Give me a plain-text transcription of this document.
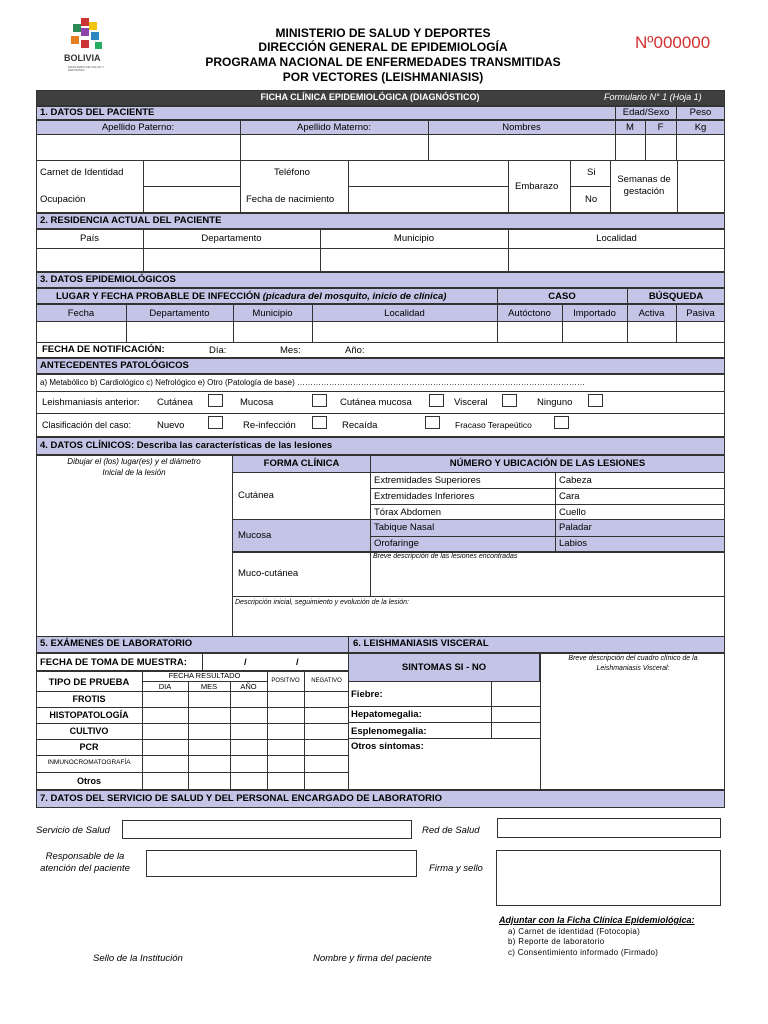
BOLIVIA
MINISTERIO DE SALUD Y DEPORTES
MINISTERIO DE SALUD Y DEPORTES
DIRECCIÓN GENERAL DE EPIDEMIOLOGÍA
PROGRAMA NACIONAL DE ENFERMEDADES TRANSMITIDAS
POR VECTORES (LEISHMANIASIS)
Nº000000
FICHA CLÍNICA EPIDEMIOLÓGICA (DIAGNÓSTICO)	Formulario N° 1 (Hoja 1)
1. DATOS DEL PACIENTE	Edad/Sexo	Peso
Apellido Paterno:	Apellido Materno:	Nombres	M	F	Kg
Carnet de Identidad	Teléfono
Ocupación	Fecha de nacimiento
Embarazo
Si
No
Semanas de
gestación
2. RESIDENCIA ACTUAL DEL PACIENTE
País	Departamento	Municipio	Localidad
3. DATOS EPIDEMIOLÓGICOS
LUGAR Y FECHA PROBABLE DE INFECCIÓN (picadura del mosquito, inicio de clínica)	CASO	BÚSQUEDA
Fecha	Departamento	Municipio	Localidad	Autóctono	Importado	Activa	Pasiva
FECHA DE NOTIFICACIÓN:	Día:	Mes:	Año:
ANTECEDENTES PATOLÓGICOS
a) Metabólico b) Cardiológico c) Nefrológico e) Otro (Patología de base) ………………………………………………………………………………………………
Leishmaniasis anterior: Cutánea	Mucosa	Cutánea mucosa	Visceral	Ninguno
Clasificación del caso:	Nuevo	Re-infección	Recaída	Fracaso Terapeútico
4. DATOS CLÍNICOS: Describa las características de las lesiones
Dibujar el (los) lugar(es) y el diámetro
Inicial de la lesión
FORMA CLÍNICA	NÚMERO Y UBICACIÓN DE LAS LESIONES
Cutánea
Mucosa
Muco-cutánea
Extremidades Superiores	Cabeza
Extremidades Inferiores	Cara
Tórax Abdomen	Cuello
Tabique Nasal	Paladar
Orofaringe	Labios
Breve descripción de las lesiones encontradas
Descripción inicial, seguimiento y evolución de la lesión:
5. EXÁMENES DE LABORATORIO
FECHA DE TOMA DE MUESTRA:	/	/
TIPO DE PRUEBA
FECHA RESULTADO
DIA	MES	AÑO
POSITIVO	NEGATIVO
FROTIS
HISTOPATOLOGÍA
CULTIVO
PCR
INMUNOCROMATOGRAFÍA
Otros
6. LEISHMANIASIS VISCERAL
SINTOMAS SI - NO
Breve descripción del cuadro clínico de la
Leishmaniasis Visceral:
Fiebre:
Hepatomegalia:
Esplenomegalia:
Otros síntomas:
7. DATOS DEL SERVICIO DE SALUD Y DEL PERSONAL ENCARGADO DE LABORATORIO
Servicio de Salud	Red de Salud
Responsable de la
atención del paciente	Firma y sello
Adjuntar con la Ficha Clínica Epidemiológica:
a) Carnet de identidad (Fotocopia)
b) Reporte de laboratorio
c) Consentimiento informado (Firmado)
Sello de la Institución	Nombre y firma del paciente
